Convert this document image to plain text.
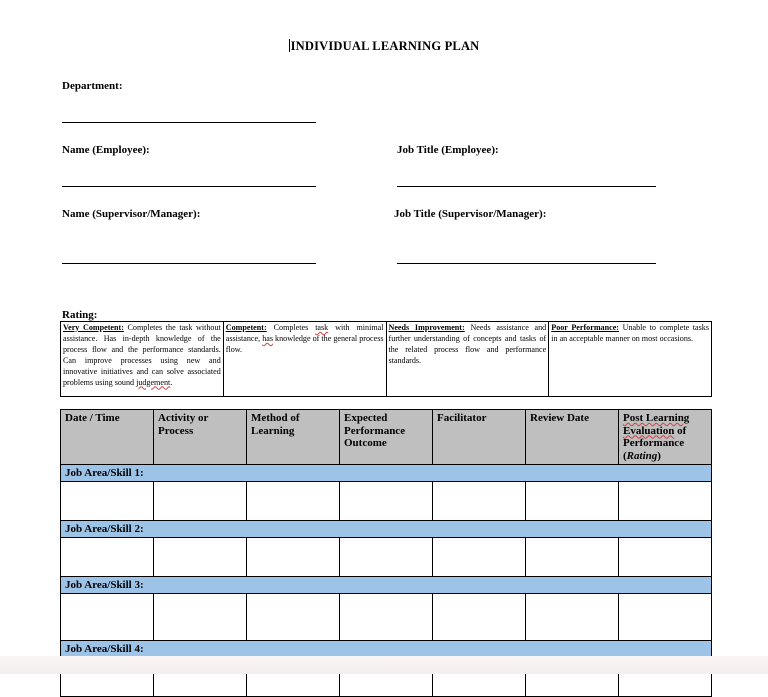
INDIVIDUAL LEARNING PLAN
Department:
Name (Employee):	Job Title (Employee):
Name (Supervisor/Manager):	Job Title (Supervisor/Manager):
Rating:
Very Competent: Completes the task without assistance. Has in-depth knowledge of the process flow and the performance standards. Can improve processes using new and innovative initiatives and can solve associated problems using sound judgement.	Competent: Completes task with minimal assistance, has knowledge of the general process flow.	Needs Improvement: Needs assistance and further understanding of concepts and tasks of the related process flow and performance standards.	Poor Performance: Unable to complete tasks in an acceptable manner on most occasions.
Date / Time	Activity or Process	Method of Learning	Expected Performance Outcome	Facilitator	Review Date	Post Learning Evaluation of Performance (Rating)
Job Area/Skill 1:						

Job Area/Skill 2:						

Job Area/Skill 3:						

Job Area/Skill 4:						
